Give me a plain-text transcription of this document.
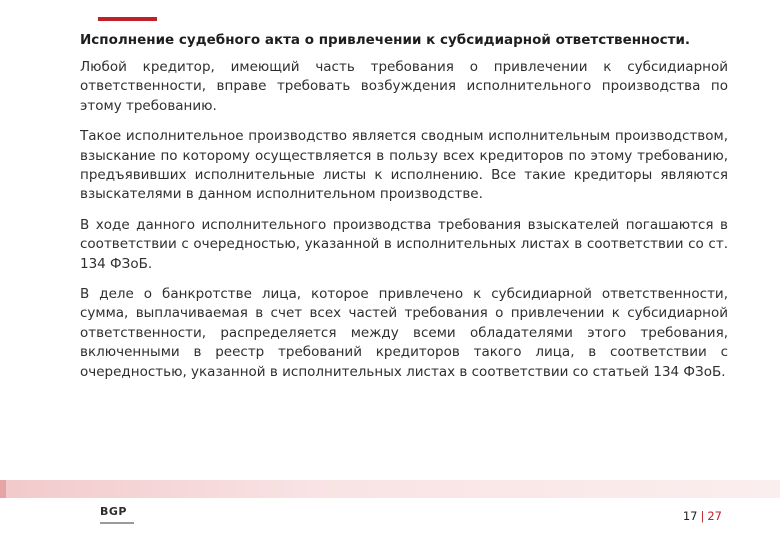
Исполнение судебного акта о привлечении к субсидиарной ответственности.

Любой кредитор, имеющий часть требования о привлечении к субсидиарной ответственности, вправе требовать возбуждения исполнительного производства по этому требованию.

Такое исполнительное производство является сводным исполнительным производством, взыскание по которому осуществляется в пользу всех кредиторов по этому требованию, предъявивших исполнительные листы к исполнению. Все такие кредиторы являются взыскателями в данном исполнительном производстве.

В ходе данного исполнительного производства требования взыскателей погашаются в соответствии с очередностью, указанной в исполнительных листах в соответствии со ст. 134 ФЗоБ.

В деле о банкротстве лица, которое привлечено к субсидиарной ответственности, сумма, выплачиваемая в счет всех частей требования о привлечении к субсидиарной ответственности, распределяется между всеми обладателями этого требования, включенными в реестр требований кредиторов такого лица, в соответствии с очередностью, указанной в исполнительных листах в соответствии со статьей 134 ФЗоБ.

BGP	17 | 27
